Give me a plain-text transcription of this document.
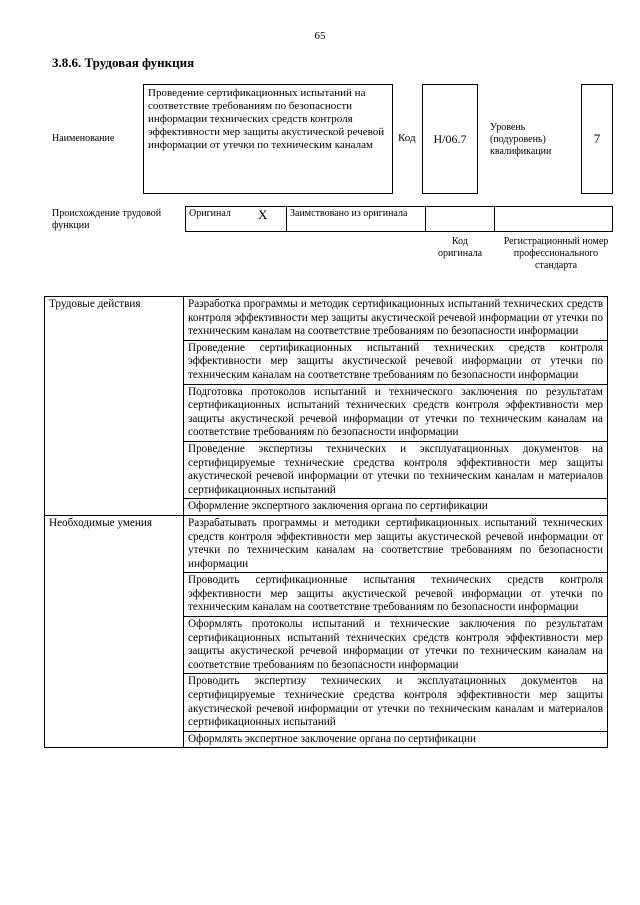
65
3.8.6. Трудовая функция
Наименование
Проведение сертификационных испытаний на соответствие требованиям по безопасности информации технических средств контроля эффективности мер защиты акустической речевой информации от утечки по техническим каналам
Код	Н/06.7
Уровень (подуровень) квалификации
7
Происхождение трудовой функции
Оригинал X	Заимствовано из оригинала		
Код оригинала
Регистрационный номер профессионального стандарта
Трудовые действия	Разработка программы и методик сертификационных испытаний технических средств контроля эффективности мер защиты акустической речевой информации от утечки по техническим каналам на соответствие требованиям по безопасности информации
	Проведение сертификационных испытаний технических средств контроля эффективности мер защиты акустической речевой информации от утечки по техническим каналам на соответствие требованиям по безопасности информации
	Подготовка протоколов испытаний и технического заключения по результатам сертификационных испытаний технических средств контроля эффективности мер защиты акустической речевой информации от утечки по техническим каналам на соответствие требованиям по безопасности информации
	Проведение экспертизы технических и эксплуатационных документов на сертифицируемые технические средства контроля эффективности мер защиты акустической речевой информации от утечки по техническим каналам и материалов сертификационных испытаний
	Оформление экспертного заключения органа по сертификации
Необходимые умения	Разрабатывать программы и методики сертификационных испытаний технических средств контроля эффективности мер защиты акустической речевой информации от утечки по техническим каналам на соответствие требованиям по безопасности информации
	Проводить сертификационные испытания технических средств контроля эффективности мер защиты акустической речевой информации от утечки по техническим каналам на соответствие требованиям по безопасности информации
	Оформлять протоколы испытаний и технические заключения по результатам сертификационных испытаний технических средств контроля эффективности мер защиты акустической речевой информации от утечки по техническим каналам на соответствие требованиям по безопасности информации
	Проводить экспертизу технических и эксплуатационных документов на сертифицируемые технические средства контроля эффективности мер защиты акустической речевой информации от утечки по техническим каналам и материалов сертификационных испытаний
	Оформлять экспертное заключение органа по сертификации
